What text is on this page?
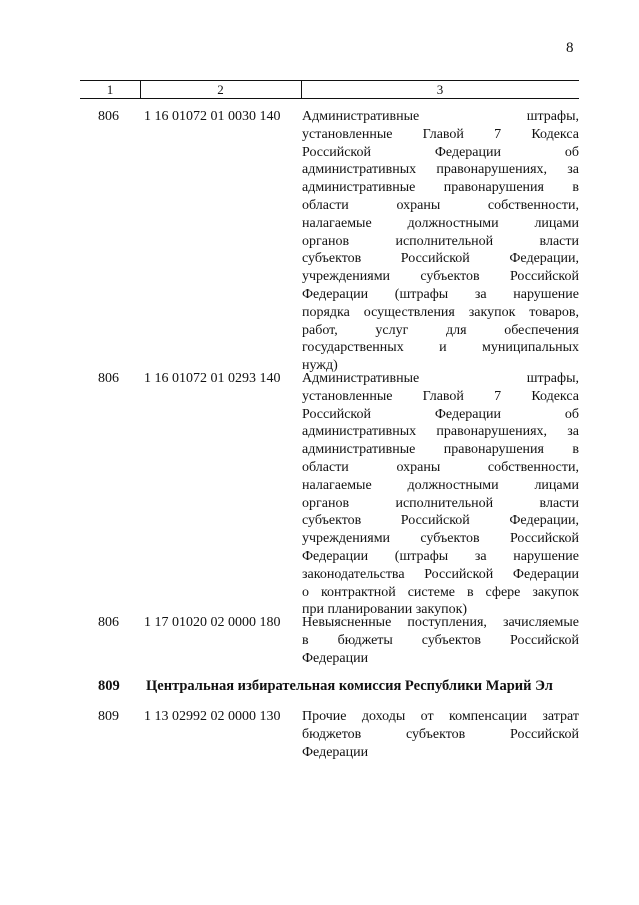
8
1	2	3
806	1 16 01072 01 0030 140	Административные штрафы,
установленные Главой 7 Кодекса
Российской Федерации об
административных правонарушениях, за
административные правонарушения в
области охраны собственности,
налагаемые должностными лицами
органов исполнительной власти
субъектов Российской Федерации,
учреждениями субъектов Российской
Федерации (штрафы за нарушение
порядка осуществления закупок товаров,
работ, услуг для обеспечения
государственных и муниципальных
нужд)
806	1 16 01072 01 0293 140	Административные штрафы,
установленные Главой 7 Кодекса
Российской Федерации об
административных правонарушениях, за
административные правонарушения в
области охраны собственности,
налагаемые должностными лицами
органов исполнительной власти
субъектов Российской Федерации,
учреждениями субъектов Российской
Федерации (штрафы за нарушение
законодательства Российской Федерации
о контрактной системе в сфере закупок
при планировании закупок)
806	1 17 01020 02 0000 180	Невыясненные поступления, зачисляемые
в бюджеты субъектов Российской
Федерации
809 Центральная избирательная комиссия Республики Марий Эл
809	1 13 02992 02 0000 130	Прочие доходы от компенсации затрат
бюджетов субъектов Российской
Федерации
